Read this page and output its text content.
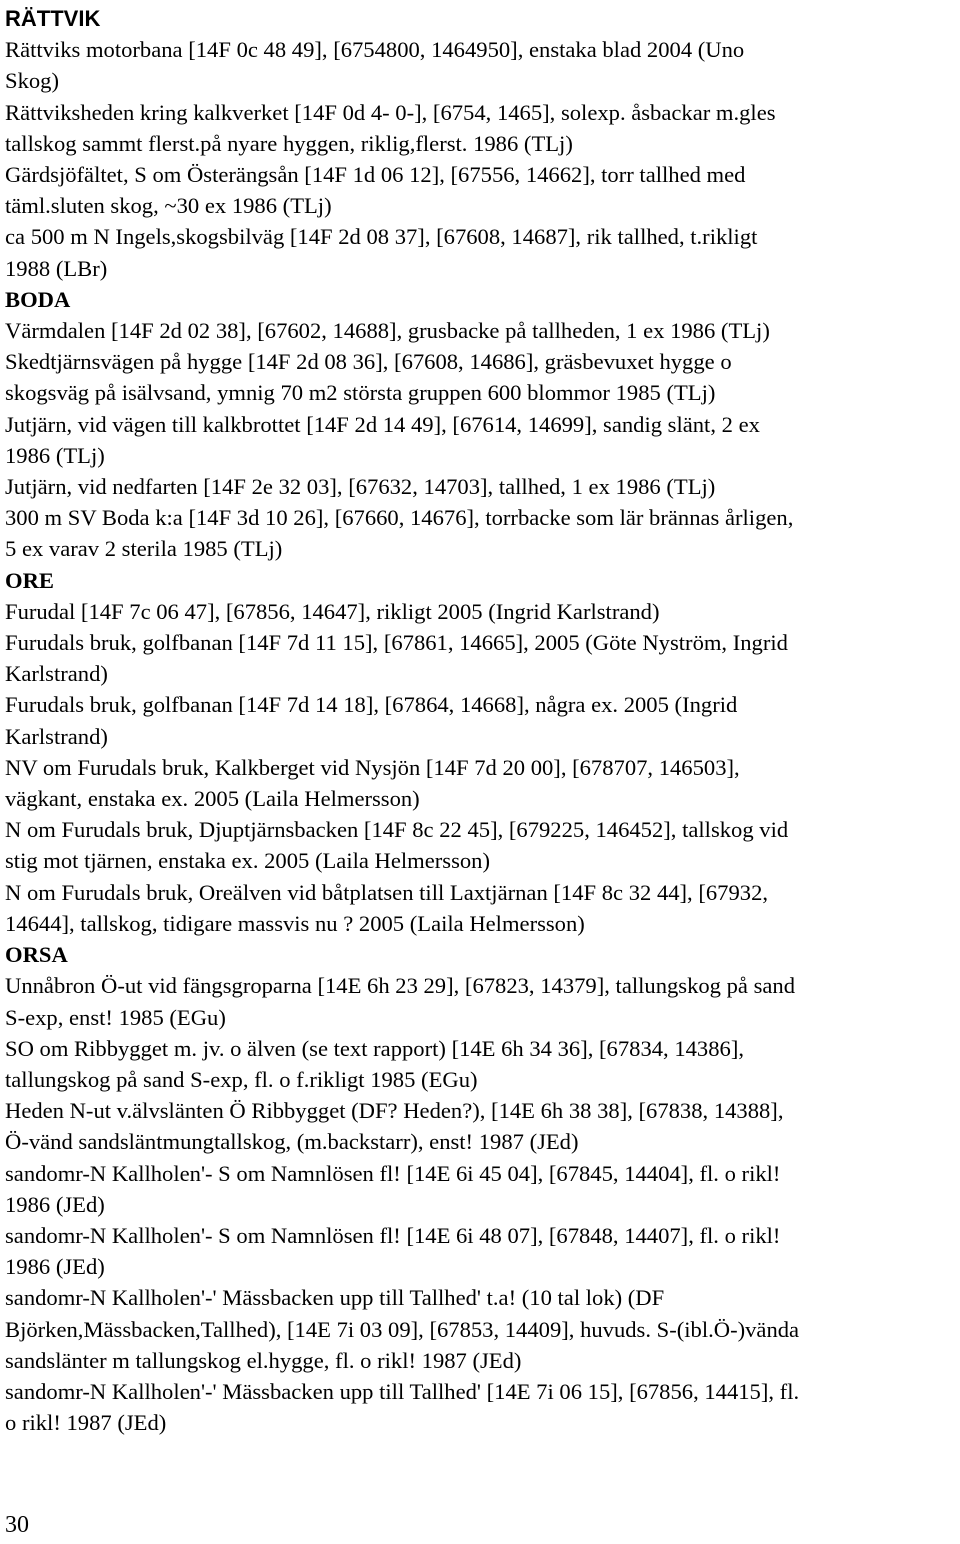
RÄTTVIK
Rättviks motorbana [14F 0c 48 49], [6754800, 1464950], enstaka blad 2004 (Uno
Skog)
Rättviksheden kring kalkverket [14F 0d 4- 0-], [6754, 1465], solexp. åsbackar m.gles
tallskog sammt flerst.på nyare hyggen, riklig,flerst. 1986 (TLj)
Gärdsjöfältet, S om Österängsån [14F 1d 06 12], [67556, 14662], torr tallhed med
täml.sluten skog, ~30 ex 1986 (TLj)
ca 500 m N Ingels,skogsbilväg [14F 2d 08 37], [67608, 14687], rik tallhed, t.rikligt
1988 (LBr)
BODA
Värmdalen [14F 2d 02 38], [67602, 14688], grusbacke på tallheden, 1 ex 1986 (TLj)
Skedtjärnsvägen på hygge [14F 2d 08 36], [67608, 14686], gräsbevuxet hygge o
skogsväg på isälvsand, ymnig 70 m2 största gruppen 600 blommor 1985 (TLj)
Jutjärn, vid vägen till kalkbrottet [14F 2d 14 49], [67614, 14699], sandig slänt, 2 ex
1986 (TLj)
Jutjärn, vid nedfarten [14F 2e 32 03], [67632, 14703], tallhed, 1 ex 1986 (TLj)
300 m SV Boda k:a [14F 3d 10 26], [67660, 14676], torrbacke som lär brännas årligen,
5 ex varav 2 sterila 1985 (TLj)
ORE
Furudal [14F 7c 06 47], [67856, 14647], rikligt 2005 (Ingrid Karlstrand)
Furudals bruk, golfbanan [14F 7d 11 15], [67861, 14665], 2005 (Göte Nyström, Ingrid
Karlstrand)
Furudals bruk, golfbanan [14F 7d 14 18], [67864, 14668], några ex. 2005 (Ingrid
Karlstrand)
NV om Furudals bruk, Kalkberget vid Nysjön [14F 7d 20 00], [678707, 146503],
vägkant, enstaka ex. 2005 (Laila Helmersson)
N om Furudals bruk, Djuptjärnsbacken [14F 8c 22 45], [679225, 146452], tallskog vid
stig mot tjärnen, enstaka ex. 2005 (Laila Helmersson)
N om Furudals bruk, Oreälven vid båtplatsen till Laxtjärnan [14F 8c 32 44], [67932,
14644], tallskog, tidigare massvis nu ? 2005 (Laila Helmersson)
ORSA
Unnåbron Ö-ut vid fängsgroparna [14E 6h 23 29], [67823, 14379], tallungskog på sand
S-exp, enst! 1985 (EGu)
SO om Ribbygget m. jv. o älven (se text rapport) [14E 6h 34 36], [67834, 14386],
tallungskog på sand S-exp, fl. o f.rikligt 1985 (EGu)
Heden N-ut v.älvslänten Ö Ribbygget (DF? Heden?), [14E 6h 38 38], [67838, 14388],
Ö-vänd sandsläntmungtallskog, (m.backstarr), enst! 1987 (JEd)
sandomr-N Kallholen'- S om Namnlösen fl! [14E 6i 45 04], [67845, 14404], fl. o rikl!
1986 (JEd)
sandomr-N Kallholen'- S om Namnlösen fl! [14E 6i 48 07], [67848, 14407], fl. o rikl!
1986 (JEd)
sandomr-N Kallholen'-' Mässbacken upp till Tallhed' t.a! (10 tal lok) (DF
Björken,Mässbacken,Tallhed), [14E 7i 03 09], [67853, 14409], huvuds. S-(ibl.Ö-)vända
sandslänter m tallungskog el.hygge, fl. o rikl! 1987 (JEd)
sandomr-N Kallholen'-' Mässbacken upp till Tallhed' [14E 7i 06 15], [67856, 14415], fl.
o rikl! 1987 (JEd)
30
